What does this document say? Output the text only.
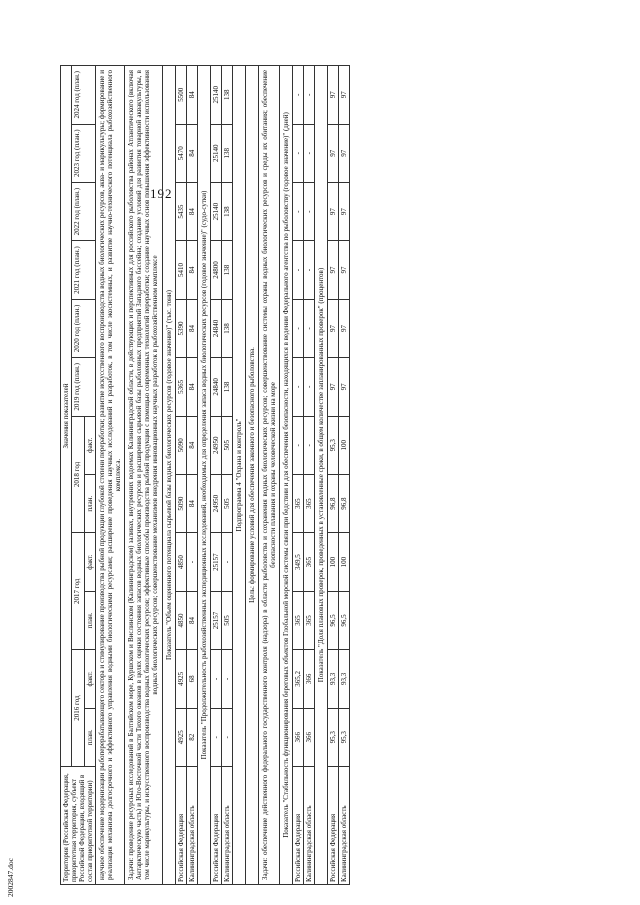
192
2002847.doc	Территория (Российская Федерация, приоритетная территория, субъект Российской Федерации, входящий в состав приоритетной территории)	Значения показателей											
	2016 год		2017 год		2018 год		2019 год (план.)	2020 год (план.)	2021 год (план.)	2022 год (план.)	2023 год (план.)	2024 год (план.)
	план.	факт.	план.	факт.	план.	факт.						
научное обеспечение модернизации рыбоперерабатывающего сектора и стимулирование производства рыбной продукции глубокой степени переработки; развитие искусственного воспроизводства водных биологических ресурсов, аква- и марикультуры; формирование и реализация механизма долгосрочного и эффективного управления водными биологическими ресурсами; расширение проведения научных исследований и разработок, в том числе экосистемных, и развитие научно-технического потенциала рыбохозяйственного комплекса.												
Задачи: проведение ресурсных исследований в Балтийском море, Куршском и Вислинском (Калининградском) заливах, внутренних водоемах Калининградской области, в действующих и перспективных для российского рыболовства районах Атлантического (включая Антарктическую часть) и Юго-Восточной части Тихого океанов в целях оценки состояния запасов водных биологических ресурсов и расширения сырьевой базы рыболовных предприятий Западного бассейна; создание условий для развития товарной аквакультуры, в том числе марикультуры, и искусственного воспроизводства водных биологических ресурсов; эффективные способы производства рыбной продукции с помощью современных технологий переработки; создание научных основ повышения эффективности использования водных биологических ресурсов; совершенствование механизмов внедрения инновационных научных разработок в рыбохозяйственном комплексе												
Показатель "Объем оцененного потенциала сырьевой базы водных биологических ресурсов (годовое значение)" (тыс. тонн)												
Российская Федерация	4925	4925	4850	4850	5090	5090	5365	5390	5410	5435	5470	5500
Калининградская область	82	68	84	-	84	84	84	84	84	84	84	84
Показатель "Продолжительность рыбохозяйственных экспедиционных исследований, необходимых для определения запаса водных биологических ресурсов (годовое значение)" (судо-сутки)												
Российская Федерация	-	-	25157	25157	24950	24950	24840	24840	24800	25140	25140	25140
Калининградская область	-	-	505	-	505	505	138	138	138	138	138	138
Подпрограмма 4 "Охрана и контроль"												
Цель: формирование условий для обеспечения законного и безопасного рыболовства.												
Задачи: обеспечение действенного федерального государственного контроля (надзора) в области рыболовства и сохранения водных биологических ресурсов; совершенствование системы охраны водных биологических ресурсов и среды их обитания; обеспечение безопасности плавания и охраны человеческой жизни на море												
Показатель "Стабильность функционирования береговых объектов Глобальной морской системы связи при бедствии и для обеспечения безопасности, находящихся в ведении Федерального агентства по рыболовству (годовое значение)" (дней)												
Российская Федерация	366	365,2	365	349,5	365	-	-	-	-	-	-	-
Калининградская область	366	366	365	365	365	-	-	-	-	-	-	-
Показатель "Доля плановых проверок, проведенных в установленные сроки, в общем количестве запланированных проверок" (процентов)												
Российская Федерация	95,3	93,3	96,5	100	96,8	95,3	97	97	97	97	97	97
Калининградская область	95,3	93,3	96,5	100	96,8	100	97	97	97	97	97	97
